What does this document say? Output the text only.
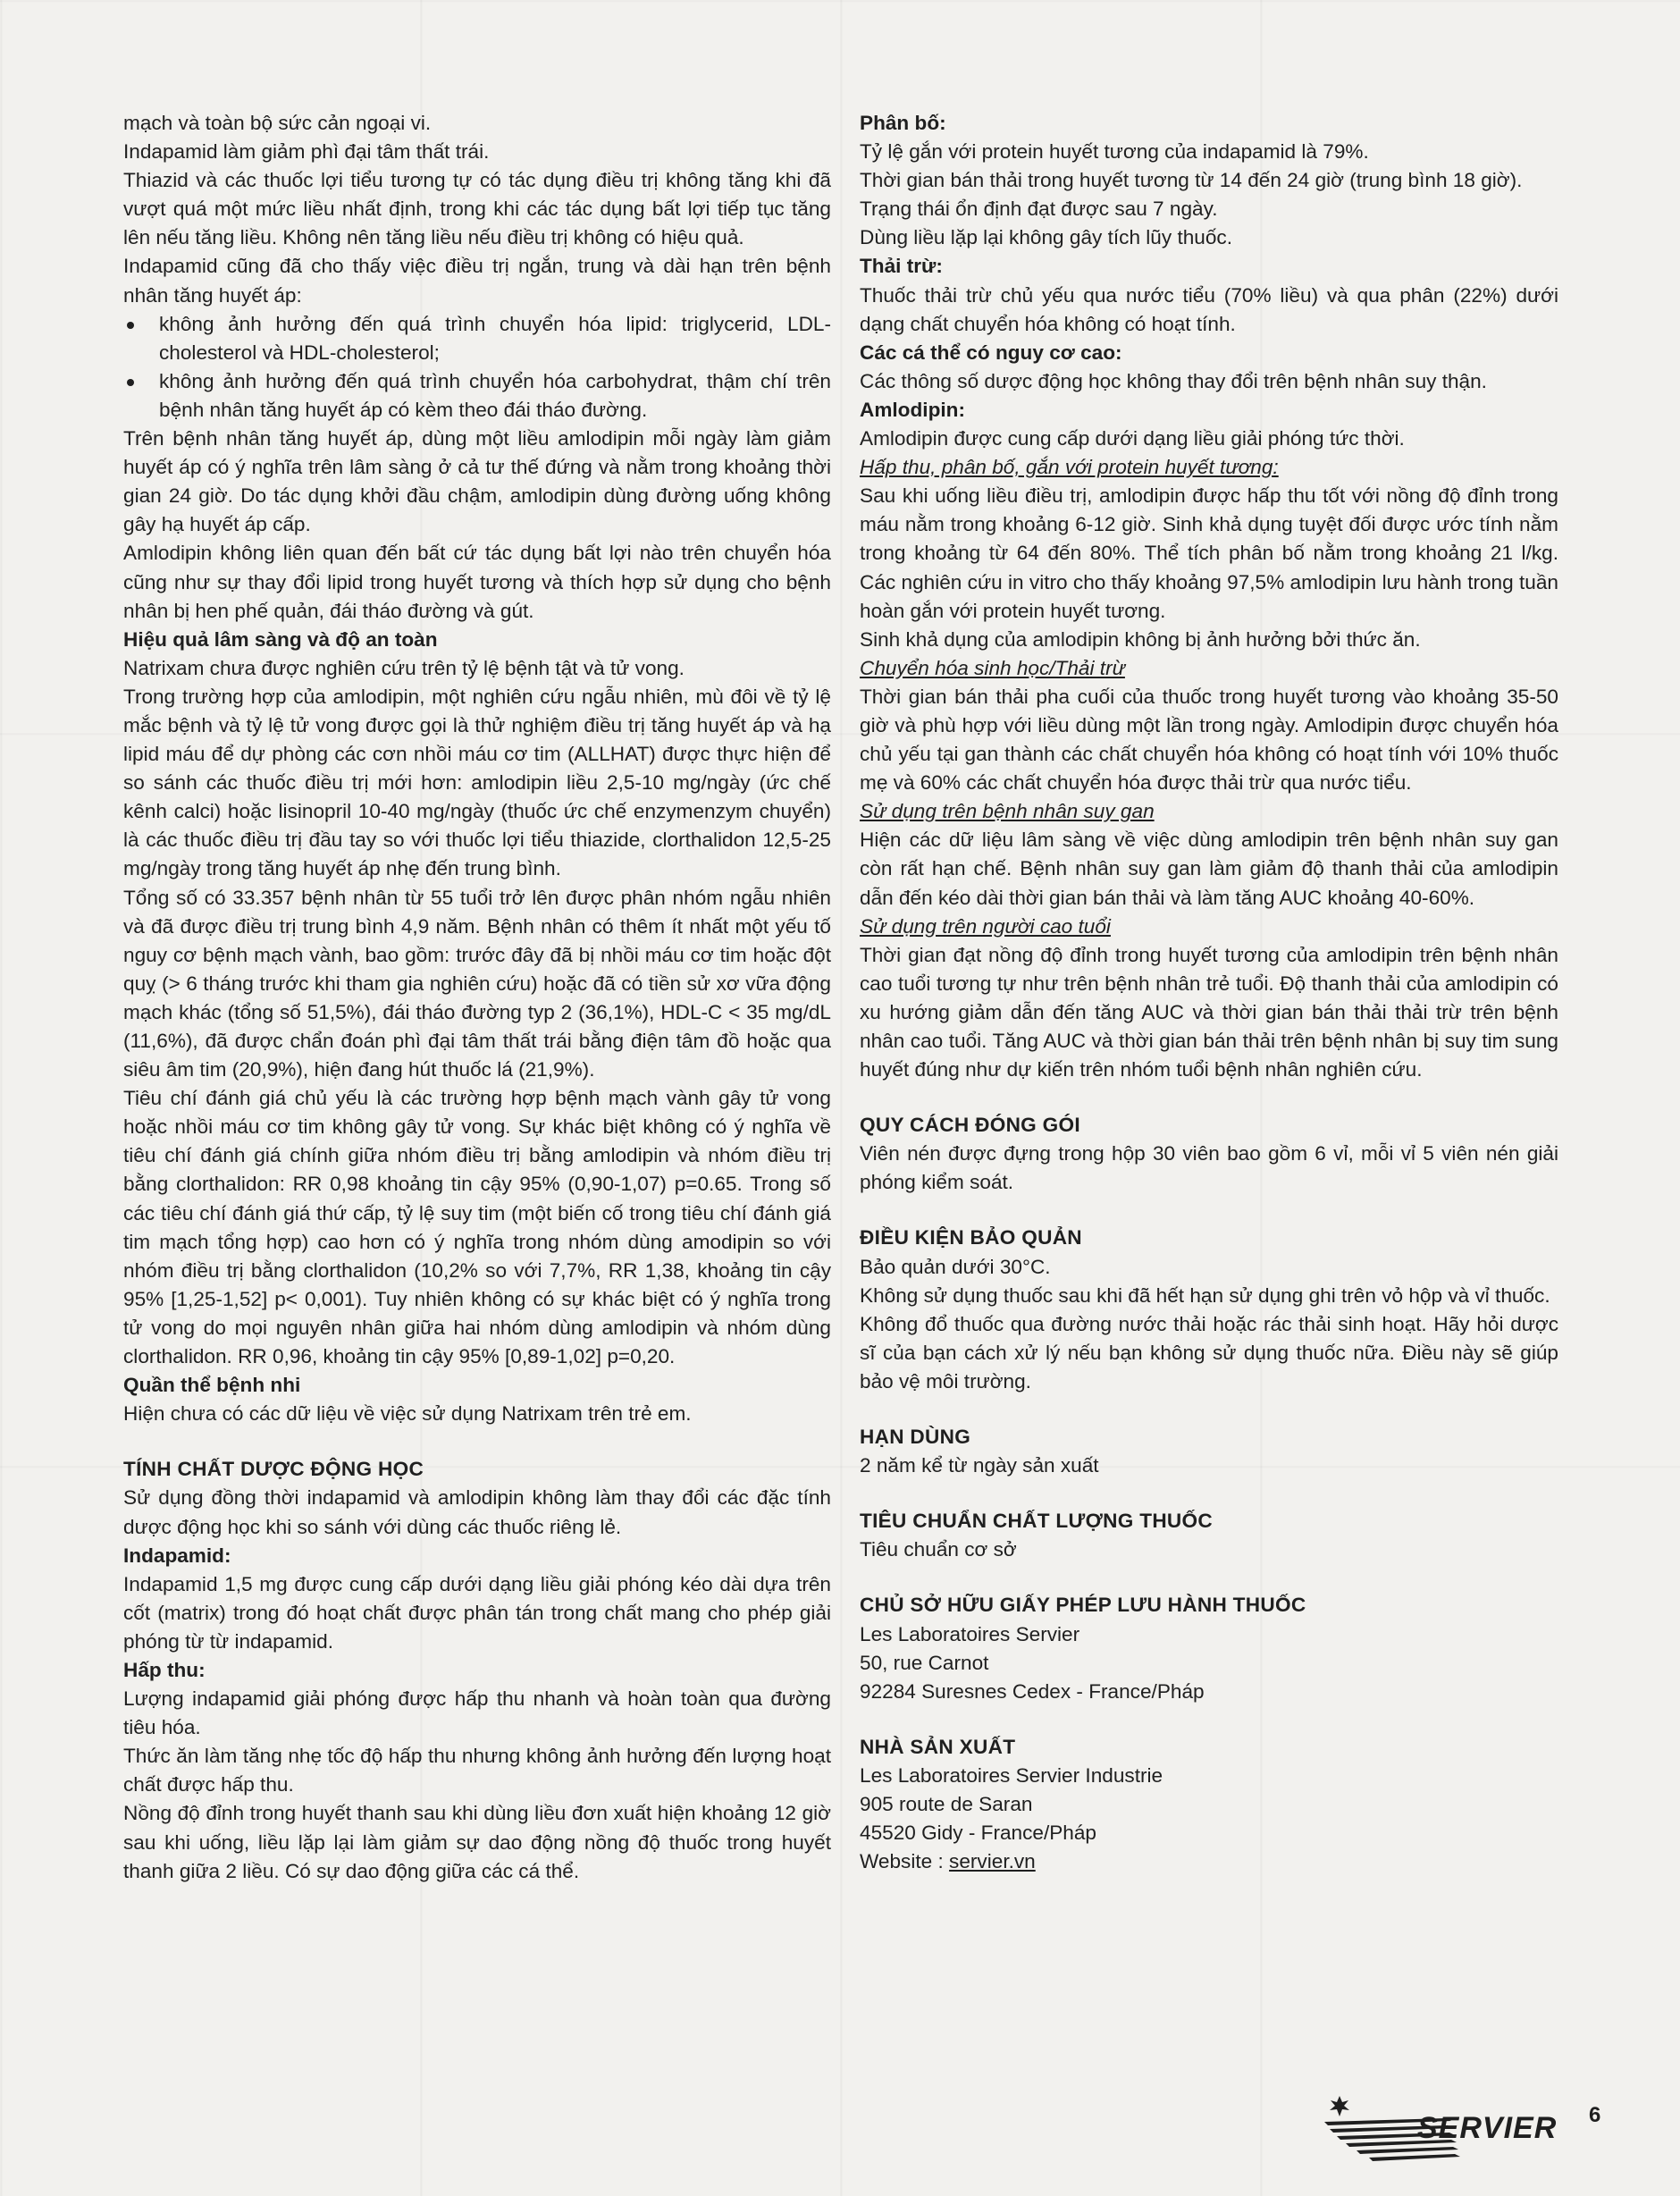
mạch và toàn bộ sức cản ngoại vi.

Indapamid làm giảm phì đại tâm thất trái.

Thiazid và các thuốc lợi tiểu tương tự có tác dụng điều trị không tăng khi đã vượt quá một mức liều nhất định, trong khi các tác dụng bất lợi tiếp tục tăng lên nếu tăng liều. Không nên tăng liều nếu điều trị không có hiệu quả.

Indapamid cũng đã cho thấy việc điều trị ngắn, trung và dài hạn trên bệnh nhân tăng huyết áp:

không ảnh hưởng đến quá trình chuyển hóa lipid: triglycerid, LDL-cholesterol và HDL-cholesterol;
không ảnh hưởng đến quá trình chuyển hóa carbohydrat, thậm chí trên bệnh nhân tăng huyết áp có kèm theo đái tháo đường.

Trên bệnh nhân tăng huyết áp, dùng một liều amlodipin mỗi ngày làm giảm huyết áp có ý nghĩa trên lâm sàng ở cả tư thế đứng và nằm trong khoảng thời gian 24 giờ. Do tác dụng khởi đầu chậm, amlodipin dùng đường uống không gây hạ huyết áp cấp.

Amlodipin không liên quan đến bất cứ tác dụng bất lợi nào trên chuyển hóa cũng như sự thay đổi lipid trong huyết tương và thích hợp sử dụng cho bệnh nhân bị hen phế quản, đái tháo đường và gút.

Hiệu quả lâm sàng và độ an toàn

Natrixam chưa được nghiên cứu trên tỷ lệ bệnh tật và tử vong.

Trong trường hợp của amlodipin, một nghiên cứu ngẫu nhiên, mù đôi về tỷ lệ mắc bệnh và tỷ lệ tử vong được gọi là thử nghiệm điều trị tăng huyết áp và hạ lipid máu để dự phòng các cơn nhồi máu cơ tim (ALLHAT) được thực hiện để so sánh các thuốc điều trị mới hơn: amlodipin liều 2,5-10 mg/ngày (ức chế kênh calci) hoặc lisinopril 10-40 mg/ngày (thuốc ức chế enzymenzym chuyển) là các thuốc điều trị đầu tay so với thuốc lợi tiểu thiazide, clorthalidon 12,5-25 mg/ngày trong tăng huyết áp nhẹ đến trung bình.

Tổng số có 33.357 bệnh nhân từ 55 tuổi trở lên được phân nhóm ngẫu nhiên và đã được điều trị trung bình 4,9 năm. Bệnh nhân có thêm ít nhất một yếu tố nguy cơ bệnh mạch vành, bao gồm: trước đây đã bị nhồi máu cơ tim hoặc đột quỵ (> 6 tháng trước khi tham gia nghiên cứu) hoặc đã có tiền sử xơ vữa động mạch khác (tổng số 51,5%), đái tháo đường typ 2 (36,1%), HDL-C < 35 mg/dL (11,6%), đã được chẩn đoán phì đại tâm thất trái bằng điện tâm đồ hoặc qua siêu âm tim (20,9%), hiện đang hút thuốc lá (21,9%).

Tiêu chí đánh giá chủ yếu là các trường hợp bệnh mạch vành gây tử vong hoặc nhồi máu cơ tim không gây tử vong. Sự khác biệt không có ý nghĩa về tiêu chí đánh giá chính giữa nhóm điều trị bằng amlodipin và nhóm điều trị bằng clorthalidon: RR 0,98 khoảng tin cậy 95% (0,90-1,07) p=0.65. Trong số các tiêu chí đánh giá thứ cấp, tỷ lệ suy tim (một biến cố trong tiêu chí đánh giá tim mạch tổng hợp) cao hơn có ý nghĩa trong nhóm dùng amodipin so với nhóm điều trị bằng clorthalidon (10,2% so với 7,7%, RR 1,38, khoảng tin cậy 95% [1,25-1,52] p< 0,001). Tuy nhiên không có sự khác biệt có ý nghĩa trong tử vong do mọi nguyên nhân giữa hai nhóm dùng amlodipin và nhóm dùng clorthalidon. RR 0,96, khoảng tin cậy 95% [0,89-1,02] p=0,20.

Quần thể bệnh nhi

Hiện chưa có các dữ liệu về việc sử dụng Natrixam trên trẻ em.

TÍNH CHẤT DƯỢC ĐỘNG HỌC

Sử dụng đồng thời indapamid và amlodipin không làm thay đổi các đặc tính dược động học khi so sánh với dùng các thuốc riêng lẻ.

Indapamid:

Indapamid 1,5 mg được cung cấp dưới dạng liều giải phóng kéo dài dựa trên cốt (matrix) trong đó hoạt chất được phân tán trong chất mang cho phép giải phóng từ từ indapamid.

Hấp thu:

Lượng indapamid giải phóng được hấp thu nhanh và hoàn toàn qua đường tiêu hóa.

Thức ăn làm tăng nhẹ tốc độ hấp thu nhưng không ảnh hưởng đến lượng hoạt chất được hấp thu.

Nồng độ đỉnh trong huyết thanh sau khi dùng liều đơn xuất hiện khoảng 12 giờ sau khi uống, liều lặp lại làm giảm sự dao động nồng độ thuốc trong huyết thanh giữa 2 liều. Có sự dao động giữa các cá thể.

Phân bố:

Tỷ lệ gắn với protein huyết tương của indapamid là 79%.

Thời gian bán thải trong huyết tương từ 14 đến 24 giờ (trung bình 18 giờ).

Trạng thái ổn định đạt được sau 7 ngày.

Dùng liều lặp lại không gây tích lũy thuốc.

Thải trừ:

Thuốc thải trừ chủ yếu qua nước tiểu (70% liều) và qua phân (22%) dưới dạng chất chuyển hóa không có hoạt tính.

Các cá thể có nguy cơ cao:

Các thông số dược động học không thay đổi trên bệnh nhân suy thận.

Amlodipin:

Amlodipin được cung cấp dưới dạng liều giải phóng tức thời.

Hấp thu, phân bố, gắn với protein huyết tương:

Sau khi uống liều điều trị, amlodipin được hấp thu tốt với nồng độ đỉnh trong máu nằm trong khoảng 6-12 giờ. Sinh khả dụng tuyệt đối được ước tính nằm trong khoảng từ 64 đến 80%. Thể tích phân bố nằm trong khoảng 21 l/kg. Các nghiên cứu in vitro cho thấy khoảng 97,5% amlodipin lưu hành trong tuần hoàn gắn với protein huyết tương.

Sinh khả dụng của amlodipin không bị ảnh hưởng bởi thức ăn.

Chuyển hóa sinh học/Thải trừ

Thời gian bán thải pha cuối của thuốc trong huyết tương vào khoảng 35-50 giờ và phù hợp với liều dùng một lần trong ngày. Amlodipin được chuyển hóa chủ yếu tại gan thành các chất chuyển hóa không có hoạt tính với 10% thuốc mẹ và 60% các chất chuyển hóa được thải trừ qua nước tiểu.

Sử dụng trên bệnh nhân suy gan

Hiện các dữ liệu lâm sàng về việc dùng amlodipin trên bệnh nhân suy gan còn rất hạn chế. Bệnh nhân suy gan làm giảm độ thanh thải của amlodipin dẫn đến kéo dài thời gian bán thải và làm tăng AUC khoảng 40-60%.

Sử dụng trên người cao tuổi

Thời gian đạt nồng độ đỉnh trong huyết tương của amlodipin trên bệnh nhân cao tuổi tương tự như trên bệnh nhân trẻ tuổi. Độ thanh thải của amlodipin có xu hướng giảm dẫn đến tăng AUC và thời gian bán thải thải trừ trên bệnh nhân cao tuổi. Tăng AUC và thời gian bán thải trên bệnh nhân bị suy tim sung huyết đúng như dự kiến trên nhóm tuổi bệnh nhân nghiên cứu.

QUY CÁCH ĐÓNG GÓI

Viên nén được đựng trong hộp 30 viên bao gồm 6 vỉ, mỗi vỉ 5 viên nén giải phóng kiểm soát.

ĐIỀU KIỆN BẢO QUẢN

Bảo quản dưới 30°C.

Không sử dụng thuốc sau khi đã hết hạn sử dụng ghi trên vỏ hộp và vỉ thuốc.

Không đổ thuốc qua đường nước thải hoặc rác thải sinh hoạt. Hãy hỏi dược sĩ của bạn cách xử lý nếu bạn không sử dụng thuốc nữa. Điều này sẽ giúp bảo vệ môi trường.

HẠN DÙNG

2 năm kể từ ngày sản xuất

TIÊU CHUẨN CHẤT LƯỢNG THUỐC

Tiêu chuẩn cơ sở

CHỦ SỞ HỮU GIẤY PHÉP LƯU HÀNH THUỐC

Les Laboratoires Servier

50, rue Carnot

92284 Suresnes Cedex - France/Pháp

NHÀ SẢN XUẤT

Les Laboratoires Servier Industrie

905 route de Saran

45520 Gidy - France/Pháp

Website : servier.vn

SERVIER 6
